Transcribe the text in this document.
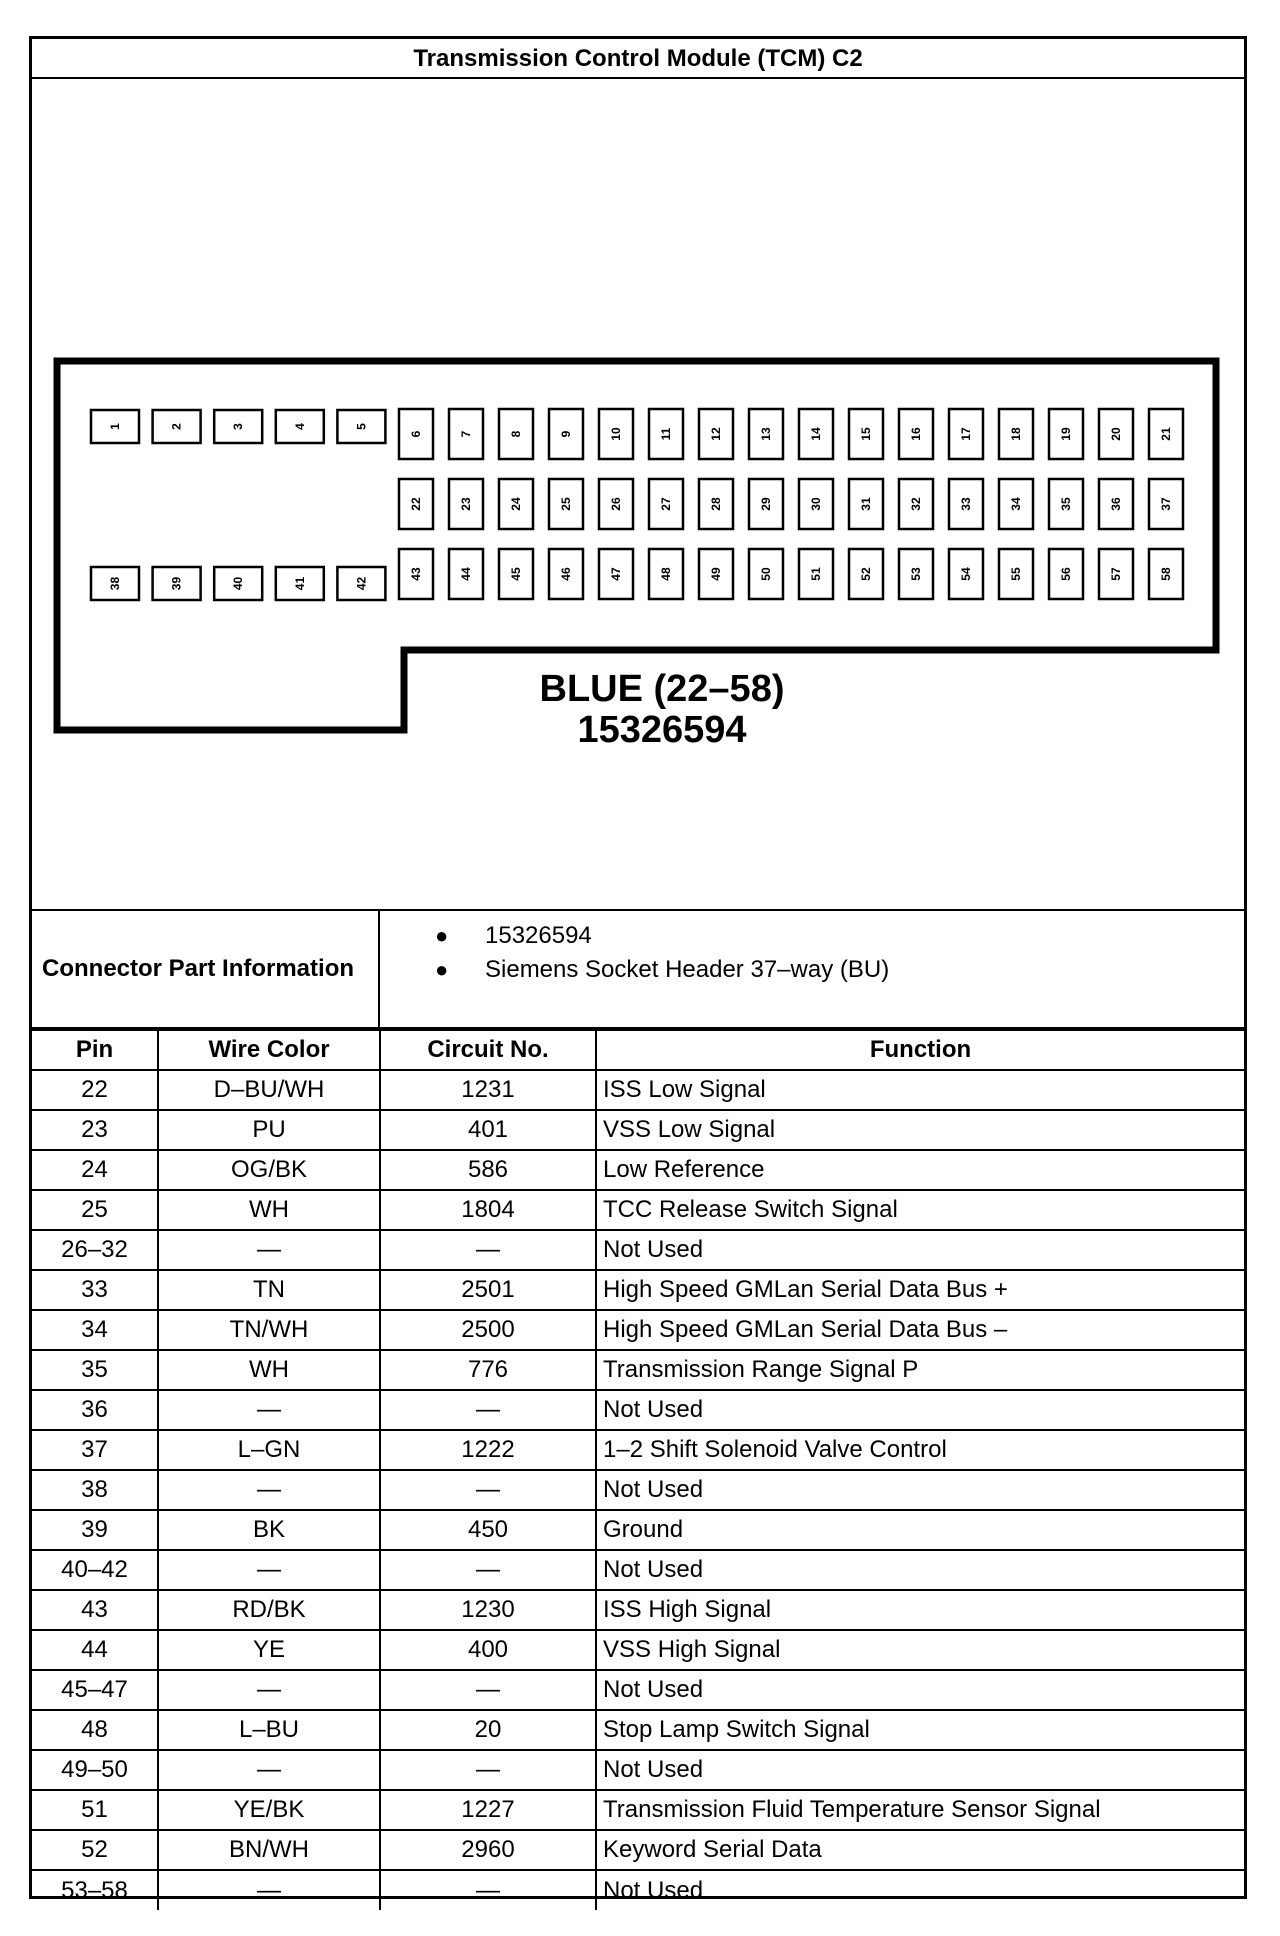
Transmission Control Module (TCM) C2
1	2	3	4	5
6	7	8	9	10	11	12	13	14	15	16	17	18	19	20	21
22	23	24	25	26	27	28	29	30	31	32	33	34	35	36	37
38	39	40	41	42
43	44	45	46	47	48	49	50	51	52	53	54	55	56	57	58
BLUE (22–58)
15326594
Connector Part Information
● 15326594
● Siemens Socket Header 37–way (BU)
Pin	Wire Color	Circuit No.	Function
22	D–BU/WH	1231	ISS Low Signal
23	PU	401	VSS Low Signal
24	OG/BK	586	Low Reference
25	WH	1804	TCC Release Switch Signal
26–32	—	—	Not Used
33	TN	2501	High Speed GMLan Serial Data Bus +
34	TN/WH	2500	High Speed GMLan Serial Data Bus –
35	WH	776	Transmission Range Signal P
36	—	—	Not Used
37	L–GN	1222	1–2 Shift Solenoid Valve Control
38	—	—	Not Used
39	BK	450	Ground
40–42	—	—	Not Used
43	RD/BK	1230	ISS High Signal
44	YE	400	VSS High Signal
45–47	—	—	Not Used
48	L–BU	20	Stop Lamp Switch Signal
49–50	—	—	Not Used
51	YE/BK	1227	Transmission Fluid Temperature Sensor Signal
52	BN/WH	2960	Keyword Serial Data
53–58	—	—	Not Used
